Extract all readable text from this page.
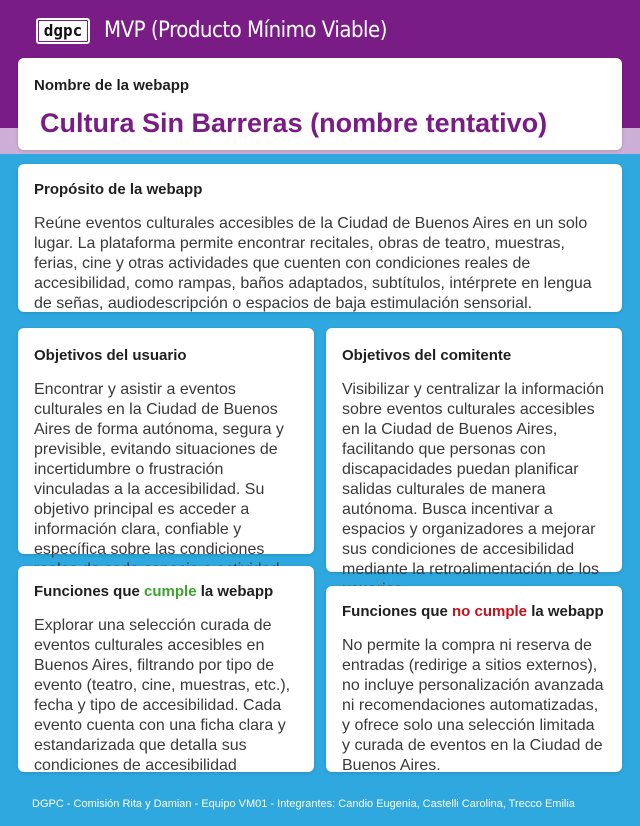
dgpc MVP (Producto Mínimo Viable)
Nombre de la webapp
Cultura Sin Barreras (nombre tentativo)
Propósito de la webapp
Reúne eventos culturales accesibles de la Ciudad de Buenos Aires en un solo lugar. La plataforma permite encontrar recitales, obras de teatro, muestras, ferias, cine y otras actividades que cuenten con condiciones reales de accesibilidad, como rampas, baños adaptados, subtítulos, intérprete en lengua de señas, audiodescripción o espacios de baja estimulación sensorial.
Objetivos del usuario
Encontrar y asistir a eventos culturales en la Ciudad de Buenos Aires de forma autónoma, segura y previsible, evitando situaciones de incertidumbre o frustración vinculadas a la accesibilidad. Su objetivo principal es acceder a información clara, confiable y específica sobre las condiciones
Objetivos del comitente
Visibilizar y centralizar la información sobre eventos culturales accesibles en la Ciudad de Buenos Aires, facilitando que personas con discapacidades puedan planificar salidas culturales de manera autónoma. Busca incentivar a espacios y organizadores a mejorar sus condiciones de accesibilidad mediante la retroalimentación de los
Funciones que cumple la webapp
Explorar una selección curada de eventos culturales accesibles en Buenos Aires, filtrando por tipo de evento (teatro, cine, muestras, etc.), fecha y tipo de accesibilidad. Cada evento cuenta con una ficha clara y estandarizada que detalla sus condiciones de accesibilidad
Funciones que no cumple la webapp
No permite la compra ni reserva de entradas (redirige a sitios externos), no incluye personalización avanzada ni recomendaciones automatizadas, y ofrece solo una selección limitada y curada de eventos en la Ciudad de Buenos Aires.
DGPC - Comisión Rita y Damian - Equipo VM01 - Integrantes: Candio Eugenia, Castelli Carolina, Trecco Emilia
